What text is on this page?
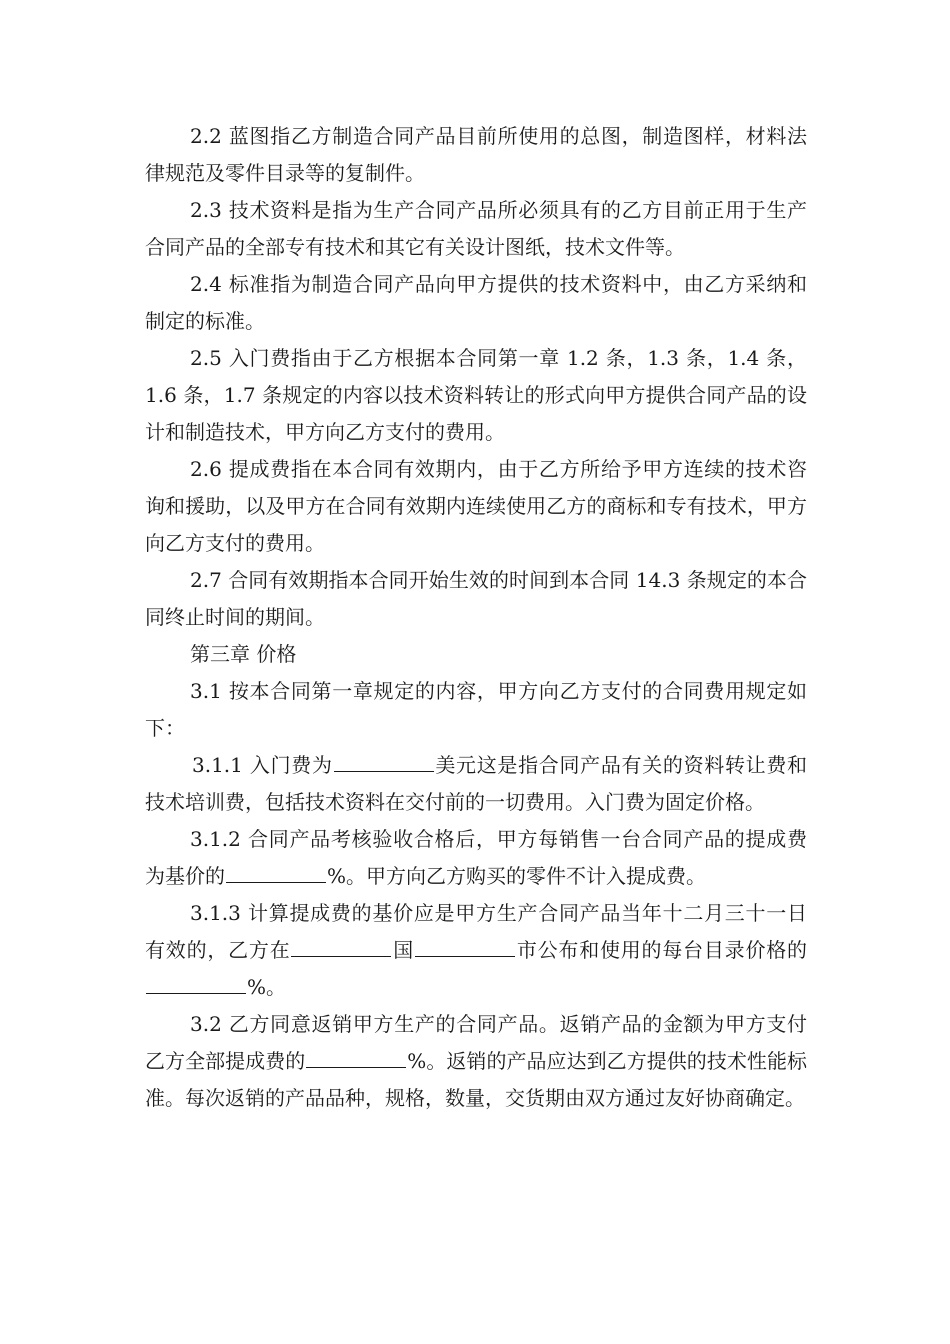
2.2 蓝图指乙方制造合同产品目前所使用的总图，制造图样，材料法律规范及零件目录等的复制件。

2.3 技术资料是指为生产合同产品所必须具有的乙方目前正用于生产合同产品的全部专有技术和其它有关设计图纸，技术文件等。

2.4 标准指为制造合同产品向甲方提供的技术资料中，由乙方采纳和制定的标准。

2.5 入门费指由于乙方根据本合同第一章 1.2 条，1.3 条，1.4 条，1.6 条，1.7 条规定的内容以技术资料转让的形式向甲方提供合同产品的设计和制造技术，甲方向乙方支付的费用。

2.6 提成费指在本合同有效期内，由于乙方所给予甲方连续的技术咨询和援助，以及甲方在合同有效期内连续使用乙方的商标和专有技术，甲方向乙方支付的费用。

2.7 合同有效期指本合同开始生效的时间到本合同 14.3 条规定的本合同终止时间的期间。

第三章 价格

3.1 按本合同第一章规定的内容，甲方向乙方支付的合同费用规定如下：

3.1.1 入门费为	美元这是指合同产品有关的资料转让费和技术培训费，包括技术资料在交付前的一切费用。入门费为固定价格。

3.1.2 合同产品考核验收合格后，甲方每销售一台合同产品的提成费为基价的	%。甲方向乙方购买的零件不计入提成费。

3.1.3 计算提成费的基价应是甲方生产合同产品当年十二月三十一日有效的，乙方在	国	市公布和使用的每台目录价格的%。

3.2 乙方同意返销甲方生产的合同产品。返销产品的金额为甲方支付乙方全部提成费的	%。返销的产品应达到乙方提供的技术性能标准。每次返销的产品品种，规格，数量，交货期由双方通过友好协商确定。
